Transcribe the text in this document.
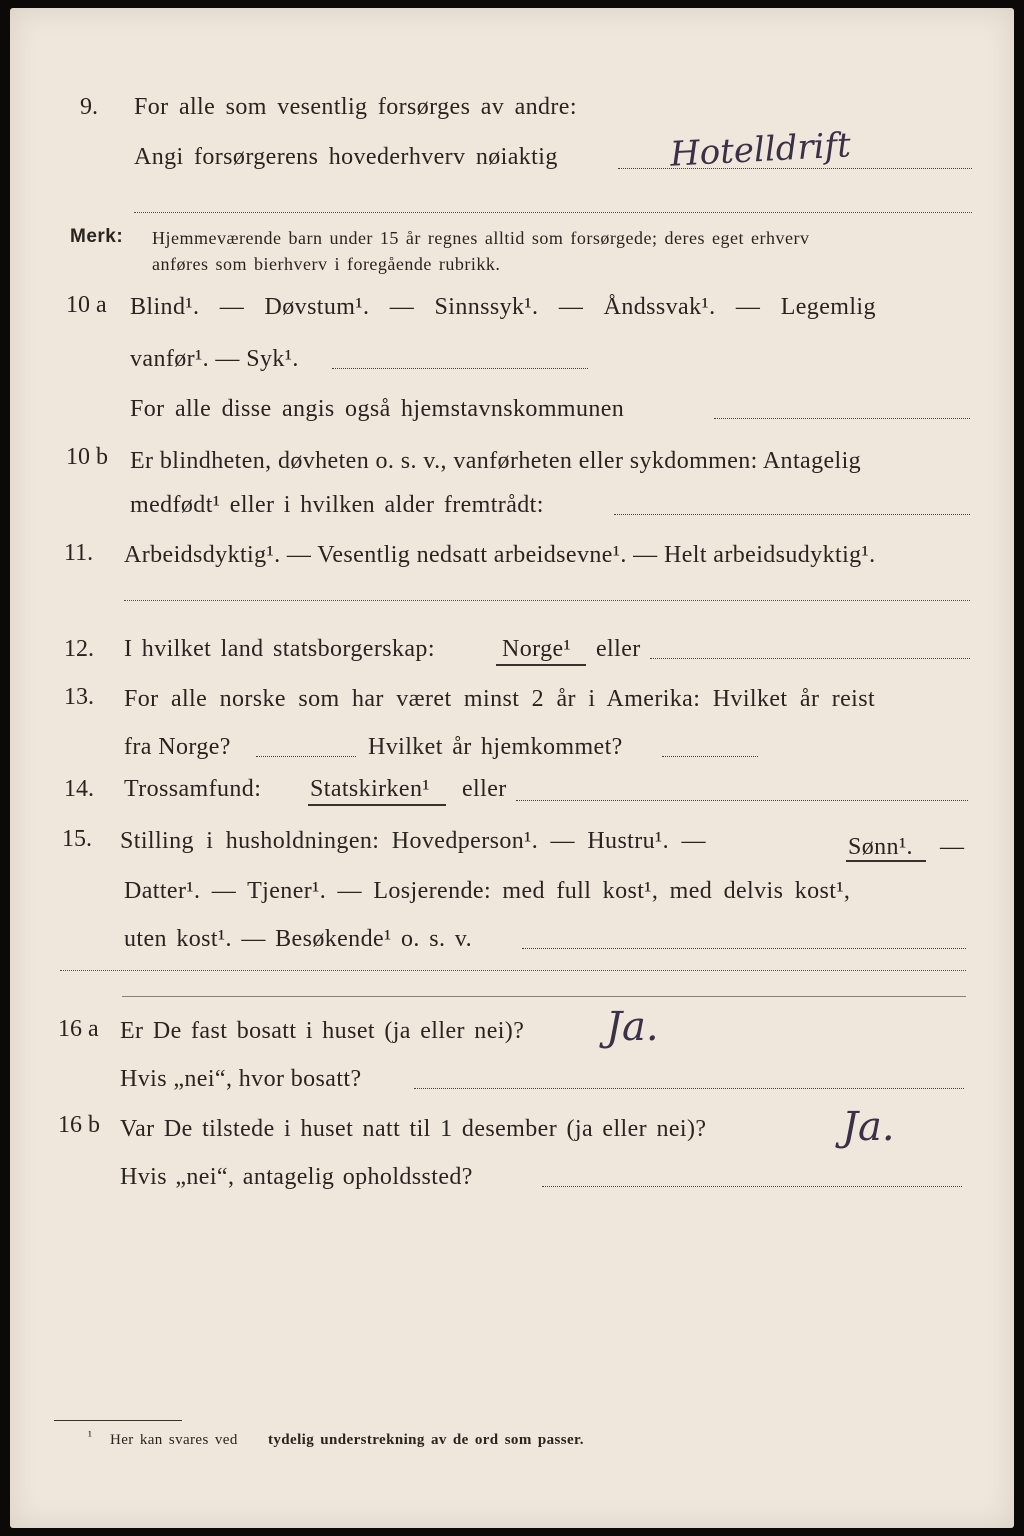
9. For alle som vesentlig forsørges av andre:
Angi forsørgerens hovederhverv nøiaktig	Hotelldrift
Merk: Hjemmeværende barn under 15 år regnes alltid som forsørgede; deres eget erhverv
anføres som bierhverv i foregående rubrikk.
10 a Blind¹. — Døvstum¹. — Sinnssyk¹. — Åndssvak¹. — Legemlig
vanfør¹. — Syk¹.
For alle disse angis også hjemstavnskommunen
10 b Er blindheten, døvheten o. s. v., vanførheten eller sykdommen: Antagelig
medfødt¹ eller i hvilken alder fremtrådt:
11. Arbeidsdyktig¹. — Vesentlig nedsatt arbeidsevne¹. — Helt arbeidsudyktig¹.
12. I hvilket land statsborgerskap:	Norge¹ eller
13. For alle norske som har været minst 2 år i Amerika: Hvilket år reist
fra Norge?	Hvilket år hjemkommet?
14. Trossamfund: Statskirken¹ eller
15. Stilling i husholdningen: Hovedperson¹. — Hustru¹. —	Sønn¹. —
Datter¹. — Tjener¹. — Losjerende: med full kost¹, med delvis kost¹,
uten kost¹. — Besøkende¹ o. s. v.
16 a Er De fast bosatt i huset (ja eller nei)? Ja.
Hvis „nei“, hvor bosatt?
16 b Var De tilstede i huset natt til 1 desember (ja eller nei)?	Ja.
Hvis „nei“, antagelig opholdssted?
¹ Her kan svares ved tydelig understrekning av de ord som passer.
